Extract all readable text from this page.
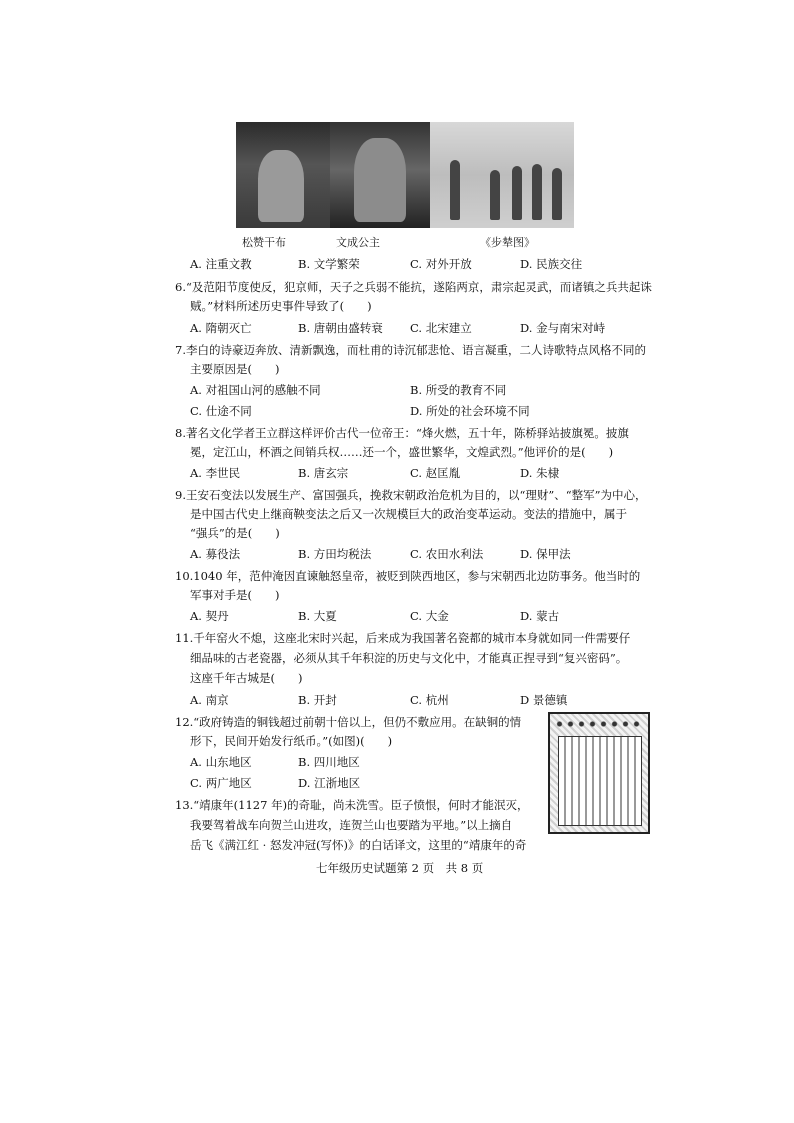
松赞干布	文成公主	《步辇图》
A. 注重文教	B. 文学繁荣	C. 对外开放	D. 民族交往
6.“及范阳节度使反，犯京师，天子之兵弱不能抗，遂陷两京，肃宗起灵武，而诸镇之兵共起诛
贼。”材料所述历史事件导致了(　　)
A. 隋朝灭亡	B. 唐朝由盛转衰 C. 北宋建立	D. 金与南宋对峙
7.李白的诗豪迈奔放、清新飘逸，而杜甫的诗沉郁悲怆、语言凝重，二人诗歌特点风格不同的
主要原因是(　　)
A. 对祖国山河的感触不同	B. 所受的教育不同
C. 仕途不同	D. 所处的社会环境不同
8.著名文化学者王立群这样评价古代一位帝王：“烽火燃，五十年，陈桥驿站披旗冕。披旗
冕，定江山，杯酒之间销兵权……还一个，盛世繁华，文煌武烈。”他评价的是(　　)
A. 李世民	B. 唐玄宗	C. 赵匡胤	D. 朱棣
9.王安石变法以发展生产、富国强兵，挽救宋朝政治危机为目的，以“理财”、“整军”为中心，
是中国古代史上继商鞅变法之后又一次规模巨大的政治变革运动。变法的措施中，属于
“强兵”的是(　　)
A. 募役法	B. 方田均税法	C. 农田水利法	D. 保甲法
10.1040 年，范仲淹因直谏触怒皇帝，被贬到陕西地区，参与宋朝西北边防事务。他当时的
军事对手是(　　)
A. 契丹	B. 大夏	C. 大金	D. 蒙古
11.千年窑火不熄，这座北宋时兴起，后来成为我国著名瓷都的城市本身就如同一件需要仔
细品味的古老瓷器，必须从其千年积淀的历史与文化中，才能真正捏寻到“复兴密码”。
这座千年古城是(　　)
A. 南京	B. 开封	C. 杭州	D 景德镇
12.“政府铸造的铜钱超过前朝十倍以上，但仍不敷应用。在缺铜的情
形下，民间开始发行纸币。”(如图)(　　)
A. 山东地区	B. 四川地区
C. 两广地区	D. 江浙地区
13.“靖康年(1127 年)的奇耻，尚未洗雪。臣子愤恨，何时才能泯灭，
我要驾着战车向贺兰山进攻，连贺兰山也要踏为平地。”以上摘自
岳飞《满江红 · 怒发冲冠(写怀)》的白话译文，这里的“靖康年的奇
七年级历史试题第 2 页　共 8 页
